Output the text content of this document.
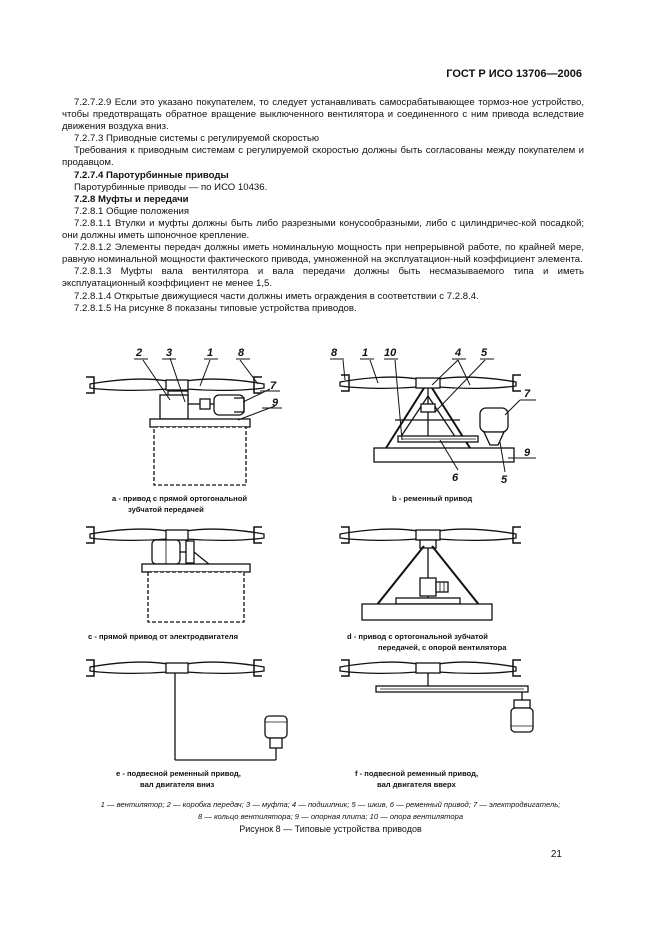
ГОСТ Р ИСО 13706—2006

7.2.7.2.9 Если это указано покупателем, то следует устанавливать самосрабатывающее тормоз-ное устройство, чтобы предотвращать обратное вращение выключенного вентилятора и соединенного с ним привода вследствие движения воздуха вниз.

7.2.7.3 Приводные системы с регулируемой скоростью

Требования к приводным системам с регулируемой скоростью должны быть согласованы между покупателем и продавцом.

7.2.7.4 Паротурбинные приводы

Паротурбинные приводы — по ИСО 10436.

7.2.8 Муфты и передачи

7.2.8.1 Общие положения

7.2.8.1.1 Втулки и муфты должны быть либо разрезными конусообразными, либо с цилиндричес-кой посадкой; они должны иметь шпоночное крепление.

7.2.8.1.2 Элементы передач должны иметь номинальную мощность при непрерывной работе, по крайней мере, равную номинальной мощности фактического привода, умноженной на эксплуатацион-ный коэффициент элемента.

7.2.8.1.3 Муфты вала вентилятора и вала передачи должны быть несмазываемого типа и иметь эксплуатационный коэффициент не менее 1,5.

7.2.8.1.4 Открытые движущиеся части должны иметь ограждения в соответствии с 7.2.8.4.

7.2.8.1.5 На рисунке 8 показаны типовые устройства приводов.

2 3	1 8
7
9
a - привод с прямой ортогональной
зубчатой передачей
8 1 10	4 5
7
9
6	5
b - ременный привод
c - прямой привод от электродвигателя	d - привод с ортогональной зубчатой
передачей, с опорой вентилятора
e - подвесной ременный привод,
вал двигателя вниз
f - подвесной ременный привод,
вал двигателя вверх
1 — вентилятор; 2 — коробка передач; 3 — муфта; 4 — подшипник; 5 — шкив, 6 — ременный привод; 7 — электродвигатель;
8 — кольцо вентилятора; 9 — опорная плита; 10 — опора вентилятора
Рисунок 8 — Типовые устройства приводов
21
